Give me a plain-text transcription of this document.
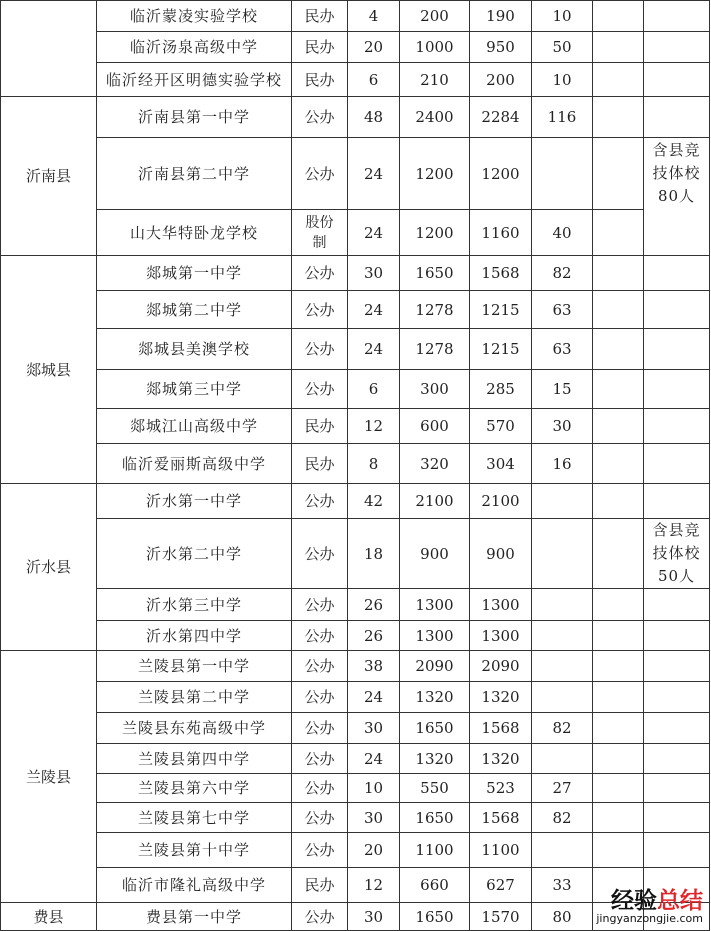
	临沂蒙凌实验学校	民办	4	200	190	10		
	临沂汤泉高级中学	民办	20	1000	950	50		
	临沂经开区明德实验学校	民办	6	210	200	10		
沂南县	沂南县第一中学	公办	48	2400	2284	116		
	沂南县第二中学	公办	24	1200	1200			含县竞技体校80人

	山大华特卧龙学校	股份制	24	1200	1160	40		
郯城县	郯城第一中学	公办	30	1650	1568	82		
	郯城第二中学	公办	24	1278	1215	63		
	郯城县美澳学校	公办	24	1278	1215	63		
	郯城第三中学	公办	6	300	285	15		
	郯城江山高级中学	民办	12	600	570	30		
	临沂爱丽斯高级中学	民办	8	320	304	16		
沂水县	沂水第一中学	公办	42	2100	2100			
	沂水第二中学	公办	18	900	900			含县竞技体校50人

	沂水第三中学	公办	26	1300	1300			
	沂水第四中学	公办	26	1300	1300			
兰陵县	兰陵县第一中学	公办	38	2090	2090			
	兰陵县第二中学	公办	24	1320	1320			
	兰陵县东苑高级中学	公办	30	1650	1568	82		
	兰陵县第四中学	公办	24	1320	1320			
	兰陵县第六中学	公办	10	550	523	27		
	兰陵县第七中学	公办	30	1650	1568	82		
	兰陵县第十中学	公办	20	1100	1100			
	临沂市隆礼高级中学	民办	12	660	627	33		
费县	费县第一中学	公办	30	1650	1570	80		
经验总结
jingyanzongjie.com
